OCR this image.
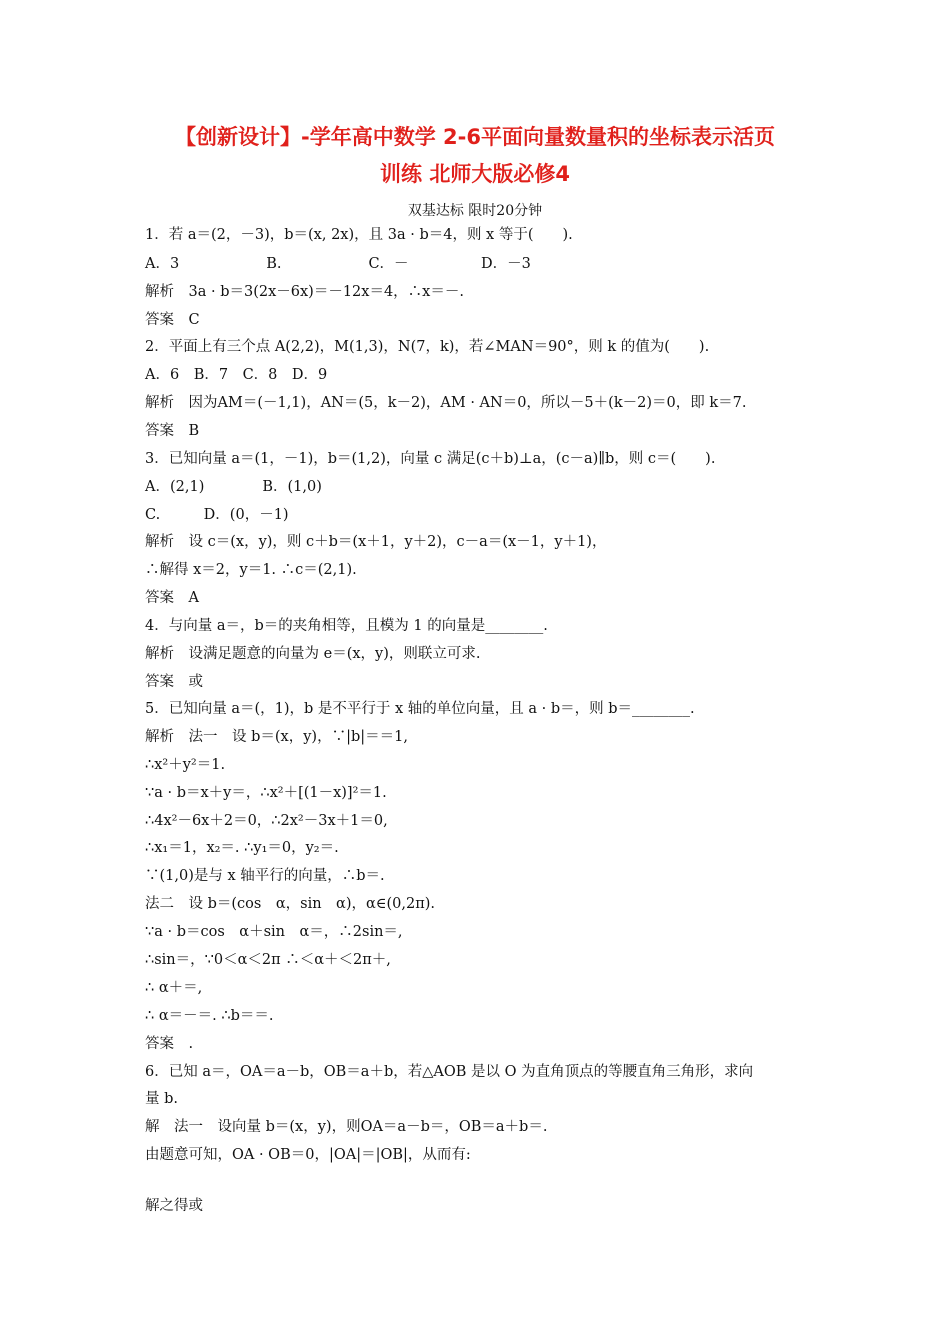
【创新设计】-学年高中数学 2-6平面向量数量积的坐标表示活页
训练 北师大版必修4
双基达标 限时20分钟
1．若 a＝(2，－3)，b＝(x, 2x)，且 3a · b＝4，则 x 等于(　　).
A．3　　　　　　B.　　　　　　C．－　　　　　D．－3
解析　3a · b＝3(2x－6x)＝－12x＝4，∴x＝－.
答案　C
2．平面上有三个点 A(2,2)，M(1,3)，N(7，k)，若∠MAN＝90°，则 k 的值为(　　).
A．6　B．7　C．8　D．9
解析　因为AM＝(－1,1)，AN＝(5，k－2)，AM · AN＝0，所以－5＋(k－2)＝0，即 k＝7.
答案　B
3．已知向量 a＝(1，－1)，b＝(1,2)，向量 c 满足(c＋b)⊥a，(c－a)∥b，则 c＝(　　).
A．(2,1)　　　　B．(1,0)
C.　　　D．(0，－1)
解析　设 c＝(x，y)，则 c＋b＝(x＋1，y＋2)，c－a＝(x－1，y＋1)，
∴解得 x＝2，y＝1. ∴c＝(2,1).
答案　A
4．与向量 a＝，b＝的夹角相等，且模为 1 的向量是________.
解析　设满足题意的向量为 e＝(x，y)，则联立可求.
答案　或
5．已知向量 a＝(，1)，b 是不平行于 x 轴的单位向量，且 a · b＝，则 b＝________.
解析　法一　设 b＝(x，y)，∵|b|＝＝1,
∴x²＋y²＝1.
∵a · b＝x＋y＝，∴x²＋[(1－x)]²＝1.
∴4x²－6x＋2＝0，∴2x²－3x＋1＝0,
∴x₁＝1，x₂＝. ∴y₁＝0，y₂＝.
∵(1,0)是与 x 轴平行的向量，∴b＝.
法二　设 b＝(cos　α，sin　α)，α∈(0,2π).
∵a · b＝cos　α＋sin　α＝，∴2sin＝,
∴sin＝，∵0＜α＜2π ∴＜α＋＜2π＋,
∴ α＋＝,
∴ α＝－＝. ∴b＝＝.
答案　.
6．已知 a＝，OA＝a－b，OB＝a＋b，若△AOB 是以 O 为直角顶点的等腰直角三角形，求向
量 b.
解　法一　设向量 b＝(x，y)，则OA＝a－b＝，OB＝a＋b＝.
由题意可知，OA · OB＝0，|OA|＝|OB|，从而有:
解之得或
